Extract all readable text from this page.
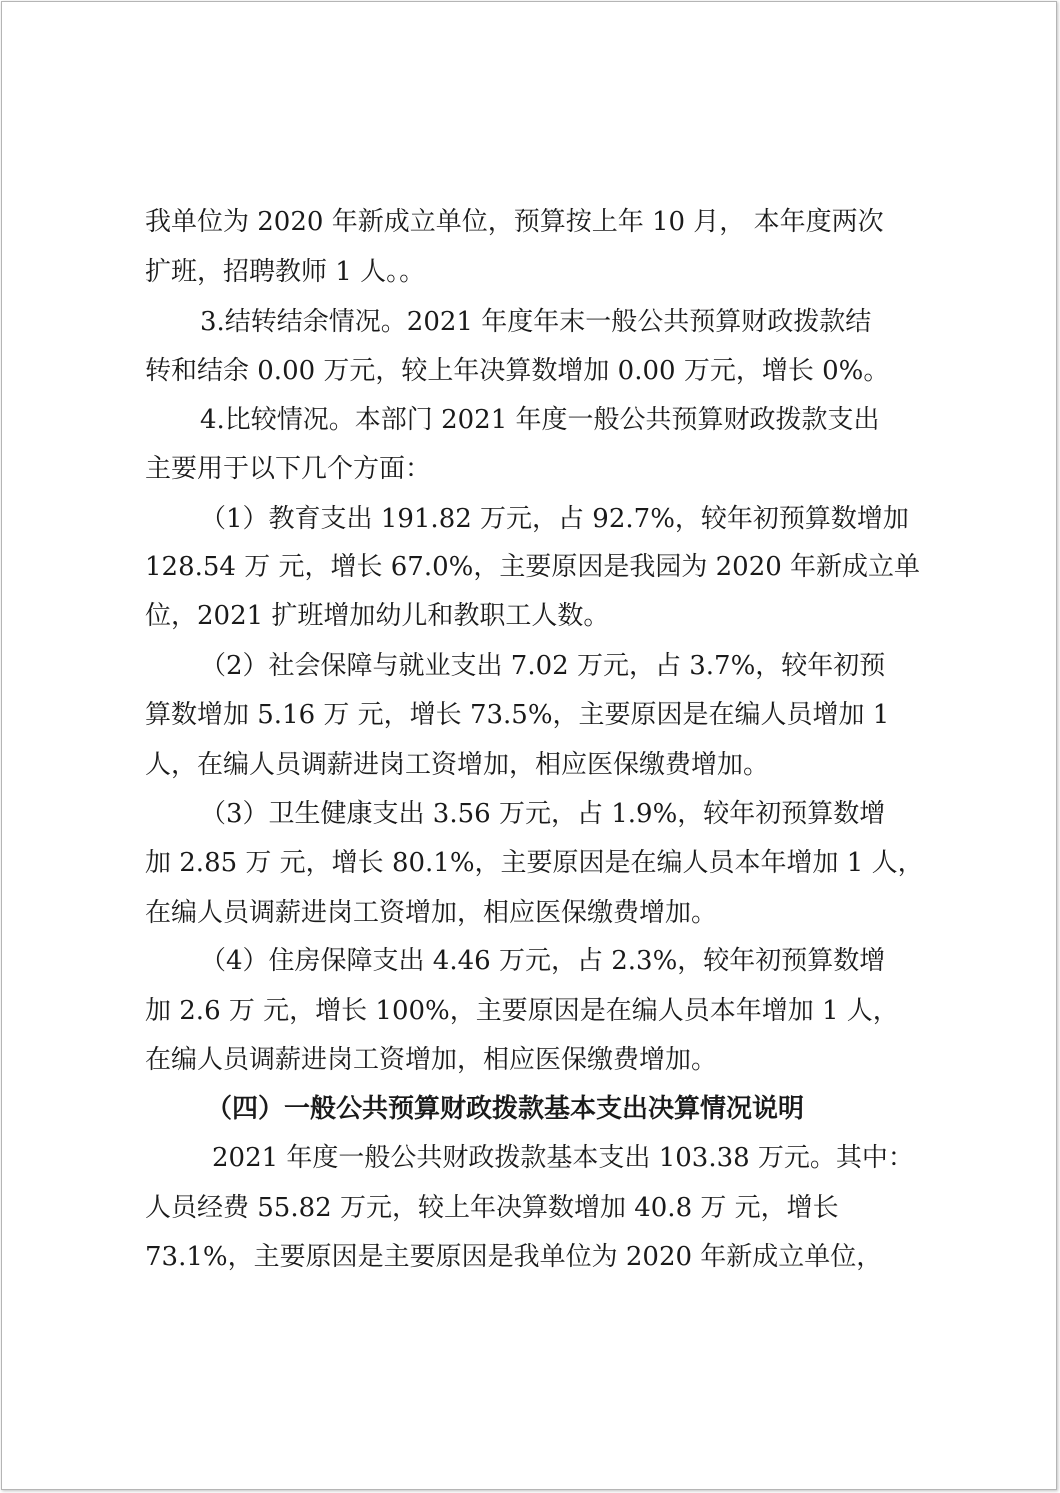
我单位为 2020 年新成立单位，预算按上年 10 月， 本年度两次

扩班，招聘教师 1 人。。

3.结转结余情况。2021 年度年末一般公共预算财政拨款结

转和结余 0.00 万元，较上年决算数增加 0.00 万元，增长 0%。

4.比较情况。本部门 2021 年度一般公共预算财政拨款支出

主要用于以下几个方面：

（1）教育支出 191.82 万元，占 92.7%，较年初预算数增加

128.54 万 元，增长 67.0%，主要原因是我园为 2020 年新成立单

位，2021 扩班增加幼儿和教职工人数。

（2）社会保障与就业支出 7.02 万元，占 3.7%，较年初预

算数增加 5.16 万 元，增长 73.5%，主要原因是在编人员增加 1

人，在编人员调薪进岗工资增加，相应医保缴费增加。

（3）卫生健康支出 3.56 万元，占 1.9%，较年初预算数增

加 2.85 万 元，增长 80.1%，主要原因是在编人员本年增加 1 人，

在编人员调薪进岗工资增加，相应医保缴费增加。

（4）住房保障支出 4.46 万元，占 2.3%，较年初预算数增

加 2.6 万 元，增长 100%，主要原因是在编人员本年增加 1 人，

在编人员调薪进岗工资增加，相应医保缴费增加。

（四）一般公共预算财政拨款基本支出决算情况说明

2021 年度一般公共财政拨款基本支出 103.38 万元。其中：

人员经费 55.82 万元，较上年决算数增加 40.8 万 元，增长

73.1%，主要原因是主要原因是我单位为 2020 年新成立单位，
